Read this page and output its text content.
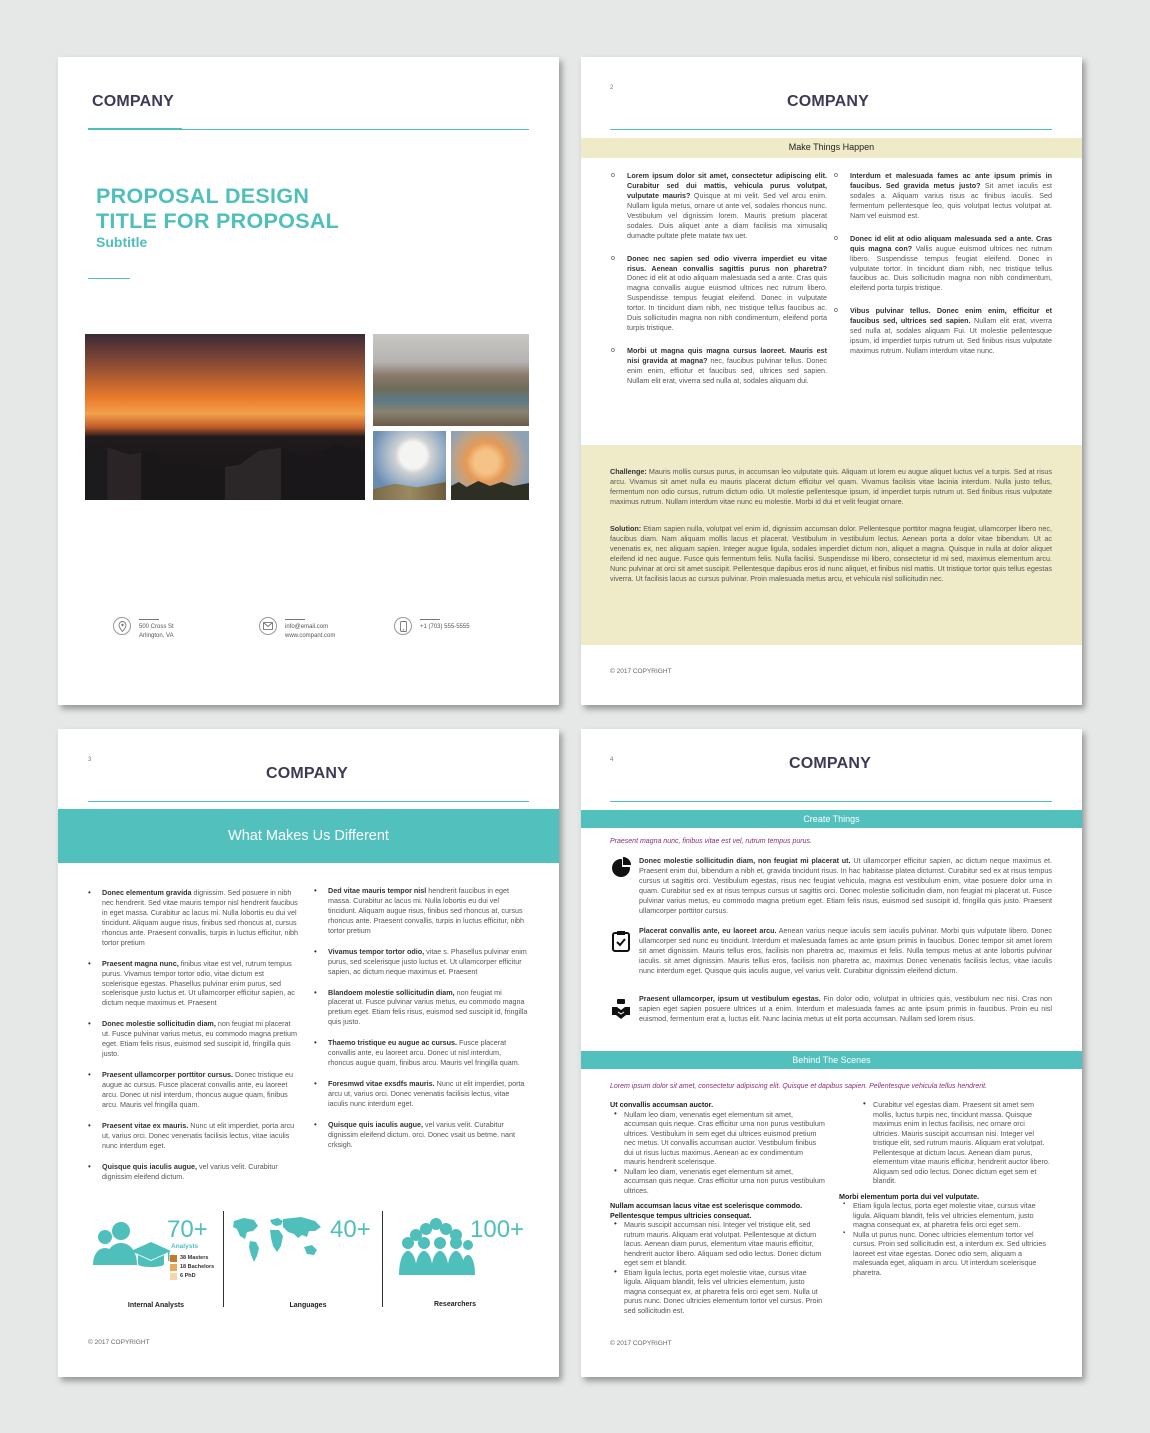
COMPANY
PROPOSAL DESIGN
TITLE FOR PROPOSAL
Subtitle
500 Cross St
Arlington, VA
info@email.com
www.compant.com
+1 (703) 555-5555
2
COMPANY
Make Things Happen
o Lorem ipsum dolor sit amet, consectetur adipiscing elit. Curabitur sed dui mattis, vehicula purus volutpat, vulputate mauris? Quisque at mi velit. Sed vel arcu enim. Nullam ligula metus, ornare ut ante vel, sodales rhoncus nunc. Vestibulum vel dignissim lorem. Mauris pretium placerat sodales. Duis aliquet ante a diam facilisis ma ximusaliq dumadte pultate pfete matate twx uet.
o Donec nec sapien sed odio viverra imperdiet eu vitae risus. Aenean convallis sagittis purus non pharetra? Donec id elit at odio aliquam malesuada sed a ante. Cras quis magna convallis augue euismod ultrices nec rutrum libero. Suspendisse tempus feugiat eleifend. Donec in vulputate tortor. In tincidunt diam nibh, nec tristique tellus faucibus ac. Duis sollicitudin magna non nibh condimentum, eleifend porta turpis tristique.
o Morbi ut magna quis magna cursus laoreet. Mauris est nisi gravida at magna? nec, faucibus pulvinar tellus. Donec enim enim, efficitur et faucibus sed, ultrices sed sapien. Nullam elit erat, viverra sed nulla at, sodales aliquam dui.
o Interdum et malesuada fames ac ante ipsum primis in faucibus. Sed gravida metus justo? Sit amet iaculis est sodales a. Aliquam varius risus ac finibus iaculis. Sed fermentum pellentesque leo, quis volutpat lectus volutpat at. Nam vel euismod est.
o Donec id elit at odio aliquam malesuada sed a ante. Cras quis magna con? Vallis augue euismod ultrices nec rutrum libero. Suspendisse tempus feugiat eleifend. Donec in vulputate tortor. In tincidunt diam nibh, nec tristique tellus faucibus ac. Duis sollicitudin magna non nibh condimentum, eleifend porta turpis tristique.
o Vibus pulvinar tellus. Donec enim enim, efficitur et faucibus sed, ultrices sed sapien. Nullam elit erat, viverra sed nulla at, sodales aliquam Fui. Ut molestie pellentesque ipsum, id imperdiet turpis rutrum ut. Sed finibus risus vulputate maximus rutrum. Nullam interdum vitae nunc.
Challenge: Mauris mollis cursus purus, in accumsan leo vulputate quis. Aliquam ut lorem eu augue aliquet luctus vel a turpis. Sed at risus arcu. Vivamus sit amet nulla eu mauris placerat dictum efficitur vel quam. Vivamus facilisis vitae lacinia interdum. Nulla justo tellus, fermentum non odio cursus, rutrum dictum odio. Ut molestie pellentesque ipsum, id imperdiet turpis rutrum ut. Sed finibus risus vulputate maximus rutrum. Nullam interdum vitae nunc eu molestie. Morbi id dui et velit feugiat ornare.
Solution: Etiam sapien nulla, volutpat vel enim id, dignissim accumsan dolor. Pellentesque porttitor magna feugiat, ullamcorper libero nec, faucibus diam. Nam aliquam mollis lacus et placerat. Vestibulum in vestibulum lectus. Aenean porta a dolor vitae bibendum. Ut ac venenatis ex, nec aliquam sapien. Integer augue ligula, sodales imperdiet dictum non, aliquet a magna. Quisque in nulla at dolor aliquet eleifend id nec augue. Fusce quis fermentum felis. Nulla facilisi. Suspendisse mi libero, consectetur id mi sed, maximus elementum arcu. Nunc pulvinar at orci sit amet suscipit. Pellentesque dapibus eros id nunc aliquet, et finibus nisl mattis. Ut tristique tortor quis tellus egestas viverra. Ut facilisis lacus ac cursus pulvinar. Proin malesuada metus arcu, et vehicula nisl sollicitudin nec.
© 2017 COPYRIGHT
3
COMPANY
What Makes Us Different
• Donec elementum gravida dignissim. Sed posuere in nibh nec hendrerit. Sed vitae mauris tempor nisl hendrerit faucibus in eget massa. Curabitur ac lacus mi. Nulla lobortis eu dui vel tincidunt. Aliquam augue risus, finibus sed rhoncus at, cursus rhoncus ante. Praesent convallis, turpis in luctus efficitur, nibh tortor pretium
• Praesent magna nunc, finibus vitae est vel, rutrum tempus purus. Vivamus tempor tortor odio, vitae dictum est scelerisque egestas. Phasellus pulvinar enim purus, sed scelerisque justo luctus et. Ut ullamcorper efficitur sapien, ac dictum neque maximus et. Praesent
• Donec molestie sollicitudin diam, non feugiat mi placerat ut. Fusce pulvinar varius metus, eu commodo magna pretium eget. Etiam felis risus, euismod sed suscipit id, fringilla quis justo.
• Praesent ullamcorper porttitor cursus. Donec tristique eu augue ac cursus. Fusce placerat convallis ante, eu laoreet arcu. Donec ut nisl interdum, rhoncus augue quam, finibus arcu. Mauris vel fringilla quam.
• Praesent vitae ex mauris. Nunc ut elit imperdiet, porta arcu ut, varius orci. Donec venenatis facilisis lectus, vitae iaculis nunc interdum eget.
• Quisque quis iaculis augue, vel varius velit. Curabitur dignissim eleifend dictum.
• Ded vitae mauris tempor nisl hendrerit faucibus in eget massa. Curabitur ac lacus mi. Nulla lobortis eu dui vel tincidunt. Aliquam augue risus, finibus sed rhoncus at, cursus rhoncus ante. Praesent convallis, turpis in luctus efficitur, nibh tortor pretium
• Vivamus tempor tortor odio, vitae s. Phasellus pulvinar enim purus, sed scelerisque justo luctus et. Ut ullamcorper efficitur sapien, ac dictum neque maximus et. Praesent
• Blandoem molestie sollicitudin diam, non feugiat mi placerat ut. Fusce pulvinar varius metus, eu commodo magna pretium eget. Etiam felis risus, euismod sed suscipit id, fringilla quis justo.
• Thaemo tristique eu augue ac cursus. Fusce placerat convallis ante, eu laoreet arcu. Donec ut nisl interdum, rhoncus augue quam, finibus arcu. Mauris vel fringilla quam.
• Foresmwd vitae exsdfs mauris. Nunc ut elit imperdiet, porta arcu ut, varius orci. Donec venenatis facilisis lectus, vitae iaculis nunc interdum eget.
• Quisque quis iaculis augue, vel varius velit. Curabitur dignissim eleifend dictum. orci. Donec vsait us betme. nant crksigh.
70+
Analysts
38 Masters
18 Bachelors
6 PhD
Internal Analysts
40+
Languages
100+
Researchers
© 2017 COPYRIGHT
4	COMPANY
Create Things
Praesent magna nunc, finibus vitae est vel, rutrum tempus purus.
Donec molestie sollicitudin diam, non feugiat mi placerat ut. Ut ullamcorper efficitur sapien, ac dictum neque maximus et. Praesent enim dui, bibendum a nibh et, gravida tincidunt risus. In hac habitasse platea dictumst. Curabitur sed ex at risus tempus cursus ut sagittis orci. Vestibulum egestas, risus nec feugiat vehicula, magna est vestibulum enim, vitae posuere dolor urna in quam. Curabitur sed ex at risus tempus cursus ut sagittis orci. Donec molestie sollicitudin diam, non feugiat mi placerat ut. Fusce pulvinar varius metus, eu commodo magna pretium eget. Etiam felis risus, euismod sed suscipit id, fringilla quis justo. Praesent ullamcorper porttitor cursus.
Placerat convallis ante, eu laoreet arcu. Aenean varius neque iaculis sem iaculis pulvinar. Morbi quis vulputate libero. Donec ullamcorper sed nunc eu tincidunt. Interdum et malesuada fames ac ante ipsum primis in faucibus. Donec tempor sit amet lorem sit amet dignissim. Mauris tellus eros, facilisis non pharetra ac, maximus et felis. Nulla tempus metus at ante lobortis pulvinar iaculis. sit amet dignissim. Mauris tellus eros, facilisis non pharetra ac, maximus Donec venenatis facilisis lectus, vitae iaculis nunc interdum eget. Quisque quis iaculis augue, vel varius velit. Curabitur dignissim eleifend dictum.
Praesent ullamcorper, ipsum ut vestibulum egestas. Fin dolor odio, volutpat in ultricies quis, vestibulum nec nisi. Cras non sapien eget sapien posuere ultrices ut a enim. Interdum et malesuada fames ac ante ipsum primis in faucibus. Proin eu nisl euismod, fermentum erat a, luctus elit. Nunc lacinia metus ut elit porta accumsan. Nullam sed lorem risus.
Behind The Scenes
Lorem ipsum dolor sit amet, consectetur adipiscing elit. Quisque et dapibus sapien. Pellentesque vehicula tellus hendrerit.
Ut convallis accumsan auctor.
• Nullam leo diam, venenatis eget elementum sit amet, accumsan quis neque. Cras efficitur urna non purus vestibulum ultrices. Vestibulum in sem eget dui ultrices euismod pretium nec metus. Ut convallis accumsan auctor. Vestibulum finibus dui ut risus luctus maximus. Aenean ac ex condimentum mauris hendrerit scelerisque.
• Nullam leo diam, venenatis eget elementum sit amet, accumsan quis neque. Cras efficitur urna non purus vestibulum ultrices.
Nullam accumsan lacus vitae est scelerisque commodo. Pellentesque tempus ultricies consequat.
• Mauris suscipit accumsan nisi. Integer vel tristique elit, sed rutrum mauris. Aliquam erat volutpat. Pellentesque at dictum lacus. Aenean diam purus, elementum vitae mauris efficitur, hendrerit auctor libero. Aliquam sed odio lectus. Donec dictum eget sem et blandit.
• Etiam ligula lectus, porta eget molestie vitae, cursus vitae ligula. Aliquam blandit, felis vel ultricies elementum, justo magna consequat ex, at pharetra felis orci eget sem. Nulla ut purus nunc. Donec ultricies elementum tortor vel cursus. Proin sed sollicitudin est.
• Curabitur vel egestas diam. Praesent sit amet sem mollis, luctus turpis nec, tincidunt massa. Quisque maximus enim in lectus facilisis, nec ornare orci ultricies. Mauris suscipit accumsan nisi. Integer vel tristique elit, sed rutrum mauris. Aliquam erat volutpat. Pellentesque at dictum lacus. Aenean diam purus, elementum vitae mauris efficitur, hendrerit auctor libero. Aliquam sed odio lectus. Donec dictum eget sem et blandit.
Morbi elementum porta dui vel vulputate.
▪ Etiam ligula lectus, porta eget molestie vitae, cursus vitae ligula. Aliquam blandit, felis vel ultricies elementum, justo magna consequat ex, at pharetra felis orci eget sem.
▪ Nulla ut purus nunc. Donec ultricies elementum tortor vel cursus. Proin sed sollicitudin est, a interdum ex. Sed ultricies laoreet est vitae egestas. Donec odio sem, aliquam a malesuada eget, aliquam in arcu. Ut interdum scelerisque pharetra.
© 2017 COPYRIGHT
